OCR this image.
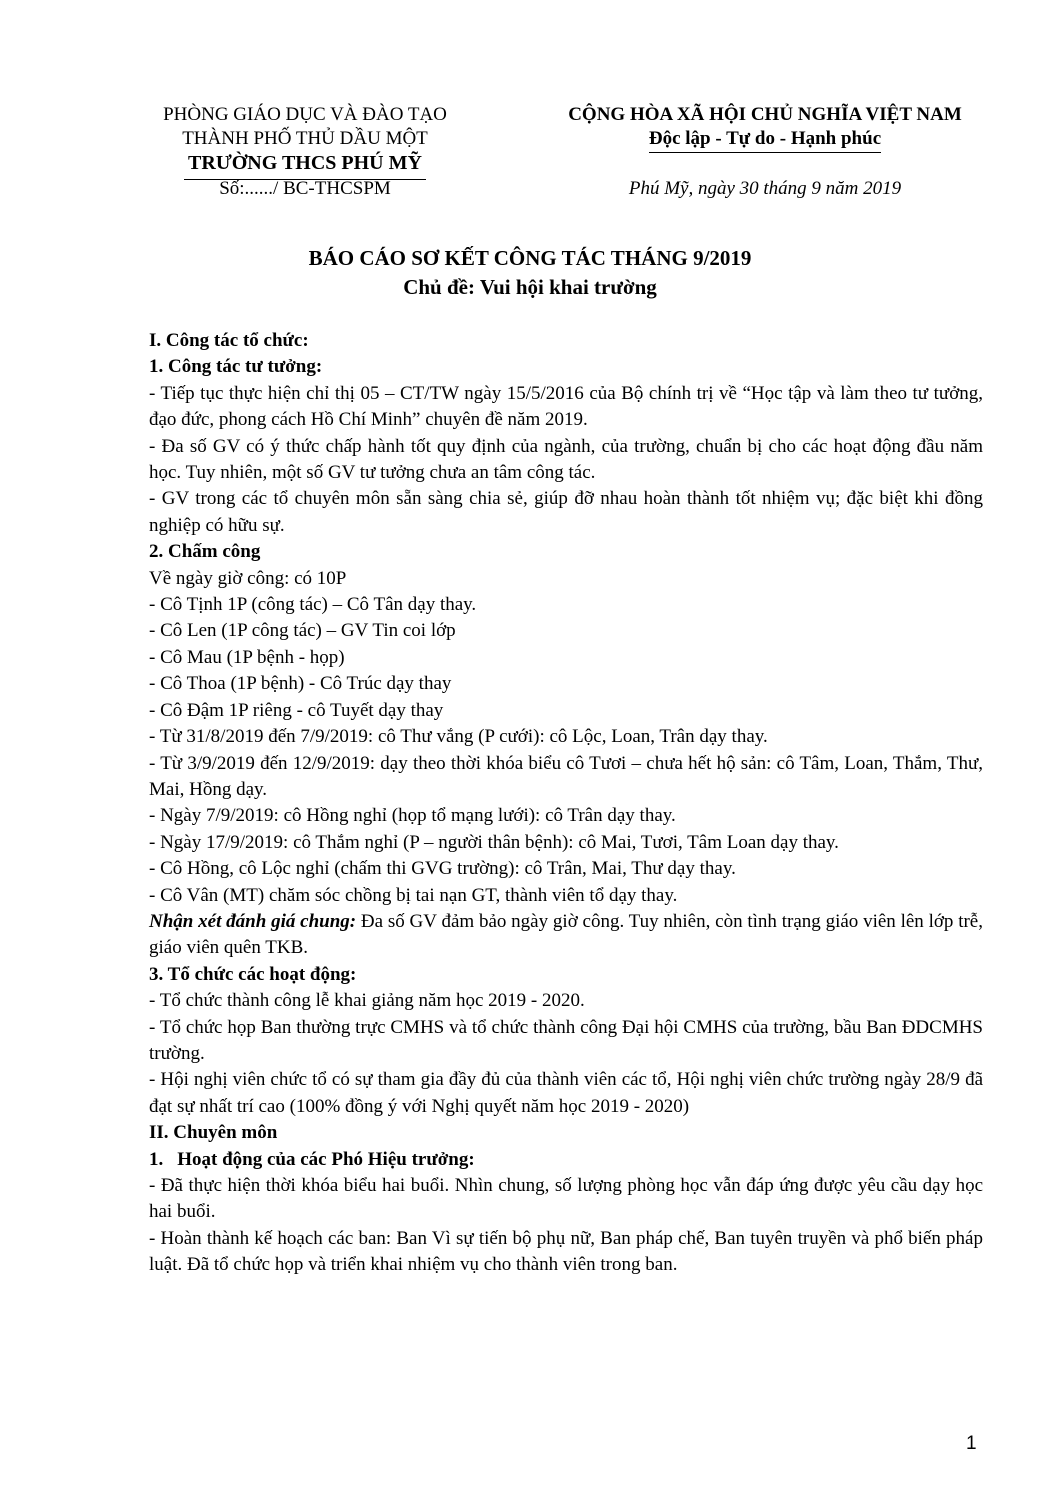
PHÒNG GIÁO DỤC VÀ ĐÀO TẠO
THÀNH PHỐ THỦ DẦU MỘT
TRƯỜNG THCS PHÚ MỸ
Số:....../ BC-THCSPM
CỘNG HÒA XÃ HỘI CHỦ NGHĨA VIỆT NAM
Độc lập - Tự do - Hạnh phúc
Phú Mỹ, ngày 30 tháng 9 năm 2019
BÁO CÁO SƠ KẾT CÔNG TÁC THÁNG 9/2019
Chủ đề: Vui hội khai trường

I. Công tác tổ chức:

1. Công tác tư tưởng:

- Tiếp tục thực hiện chỉ thị 05 – CT/TW ngày 15/5/2016 của Bộ chính trị về “Học tập và làm theo tư tưởng, đạo đức, phong cách Hồ Chí Minh” chuyên đề năm 2019.

- Đa số GV có ý thức chấp hành tốt quy định của ngành, của trường, chuẩn bị cho các hoạt động đầu năm học. Tuy nhiên, một số GV tư tưởng chưa an tâm công tác.

- GV trong các tổ chuyên môn sẵn sàng chia sẻ, giúp đỡ nhau hoàn thành tốt nhiệm vụ; đặc biệt khi đồng nghiệp có hữu sự.

2. Chấm công

Về ngày giờ công: có 10P

- Cô Tịnh 1P (công tác) – Cô Tân dạy thay.

- Cô Len (1P công tác) – GV Tin coi lớp

- Cô Mau (1P bệnh - họp)

- Cô Thoa (1P bệnh) - Cô Trúc dạy thay

- Cô Đậm 1P riêng - cô Tuyết dạy thay

- Từ 31/8/2019 đến 7/9/2019: cô Thư vắng (P cưới): cô Lộc, Loan, Trân dạy thay.

- Từ 3/9/2019 đến 12/9/2019: dạy theo thời khóa biểu cô Tươi – chưa hết hộ sản: cô Tâm, Loan, Thắm, Thư, Mai, Hồng dạy.

- Ngày 7/9/2019: cô Hồng nghỉ (họp tổ mạng lưới): cô Trân dạy thay.

- Ngày 17/9/2019: cô Thắm nghỉ (P – người thân bệnh): cô Mai, Tươi, Tâm Loan dạy thay.

- Cô Hồng, cô Lộc nghỉ (chấm thi GVG trường): cô Trân, Mai, Thư dạy thay.

- Cô Vân (MT) chăm sóc chồng bị tai nạn GT, thành viên tổ dạy thay.

Nhận xét đánh giá chung: Đa số GV đảm bảo ngày giờ công. Tuy nhiên, còn tình trạng giáo viên lên lớp trễ, giáo viên quên TKB.

3. Tổ chức các hoạt động:

- Tổ chức thành công lễ khai giảng năm học 2019 - 2020.

- Tổ chức họp Ban thường trực CMHS và tổ chức thành công Đại hội CMHS của trường, bầu Ban ĐDCMHS trường.

- Hội nghị viên chức tổ có sự tham gia đầy đủ của thành viên các tổ, Hội nghị viên chức trường ngày 28/9 đã đạt sự nhất trí cao (100% đồng ý với Nghị quyết năm học 2019 - 2020)

II. Chuyên môn

1. Hoạt động của các Phó Hiệu trưởng:

- Đã thực hiện thời khóa biểu hai buổi. Nhìn chung, số lượng phòng học vẫn đáp ứng được yêu cầu dạy học hai buổi.

- Hoàn thành kế hoạch các ban: Ban Vì sự tiến bộ phụ nữ, Ban pháp chế, Ban tuyên truyền và phổ biến pháp luật. Đã tổ chức họp và triển khai nhiệm vụ cho thành viên trong ban.

1
